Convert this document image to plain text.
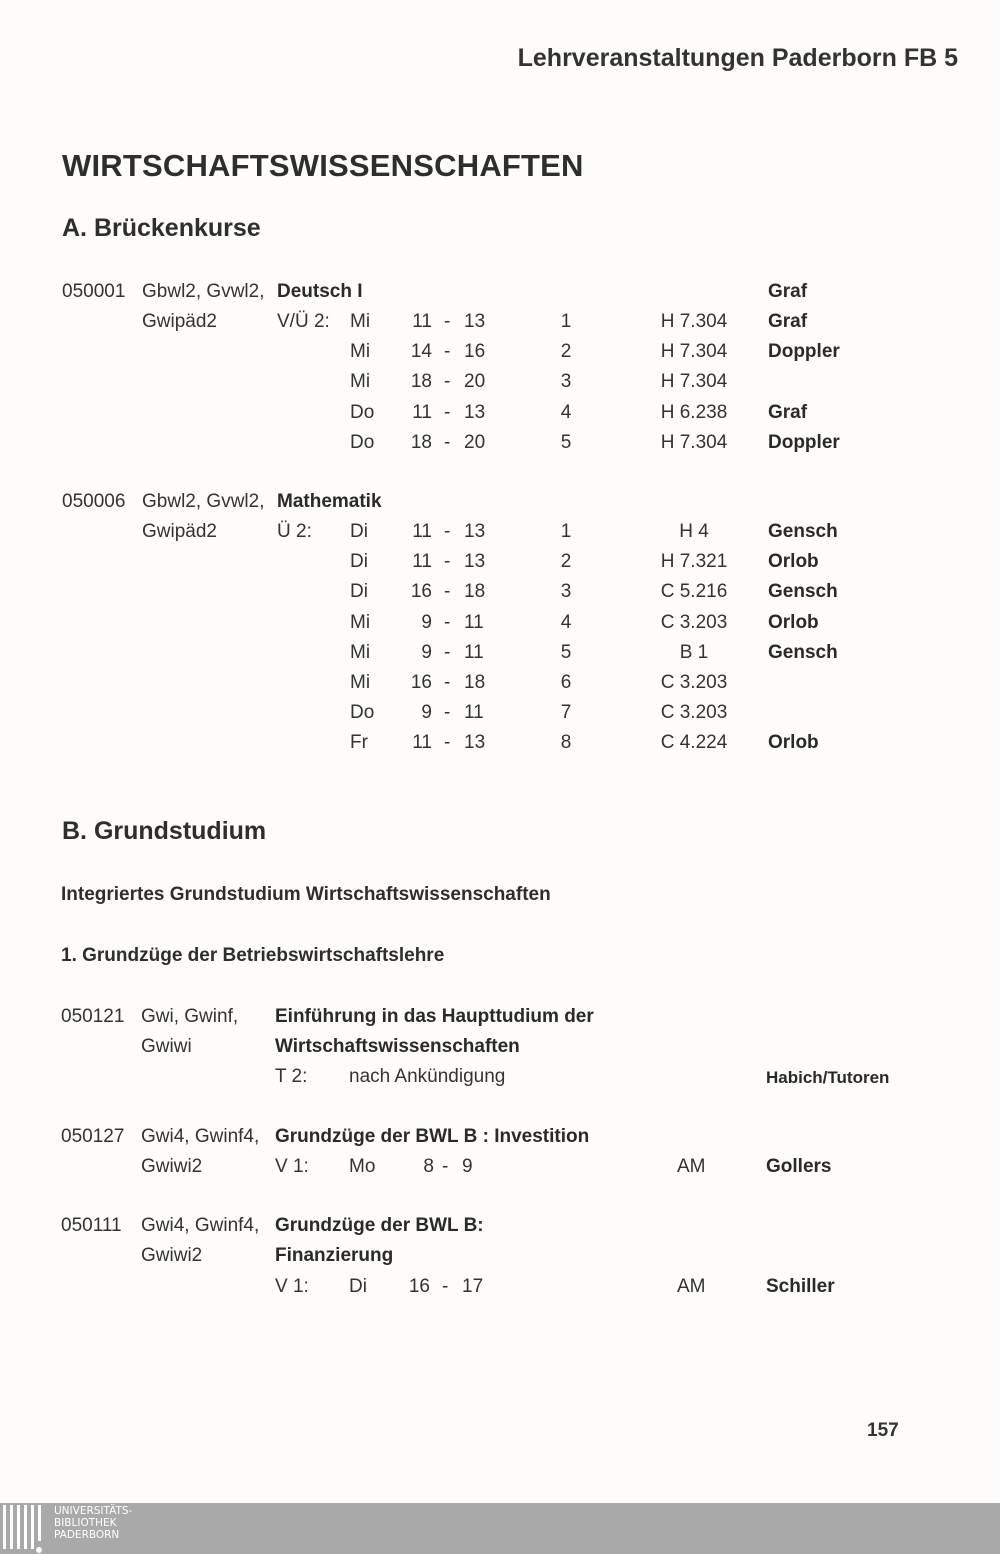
Lehrveranstaltungen Paderborn FB 5
WIRTSCHAFTSWISSENSCHAFTEN
A. Brückenkurse
050001 Gbwl2, Gvwl2, Deutsch I	Graf
Gwipäd2	V/Ü 2: Mi	11 - 13	1	H 7.304	Graf
Mi	14 - 16	2	H 7.304	Doppler
Mi	18 - 20	3	H 7.304
Do	11 - 13	4	H 6.238	Graf
Do	18 - 20	5	H 7.304	Doppler
050006 Gbwl2, Gvwl2, Mathematik
Gwipäd2	Ü 2: Di	11 - 13	1	H 4	Gensch
Di	11 - 13	2	H 7.321	Orlob
Di	16 - 18	3	C 5.216	Gensch
Mi	9 - 11	4	C 3.203	Orlob
Mi	9 - 11	5	B 1	Gensch
Mi	16 - 18	6	C 3.203
Do	9 - 11	7	C 3.203
Fr	11 - 13	8	C 4.224	Orlob
B. Grundstudium
Integriertes Grundstudium Wirtschaftswissenschaften
1. Grundzüge der Betriebswirtschaftslehre
050121 Gwi, Gwinf, Einführung in das Haupttudium der
Gwiwi	Wirtschaftswissenschaften
T 2: nach Ankündigung	Habich/Tutoren
050127 Gwi4, Gwinf4, Grundzüge der BWL B : Investition
Gwiwi2	V 1: Mo	8 - 9	AM	Gollers
050111 Gwi4, Gwinf4, Grundzüge der BWL B:
Gwiwi2	Finanzierung
V 1: Di	16 - 17	AM	Schiller
157
UNIVERSITÄTS-
BIBLIOTHEK
PADERBORN
